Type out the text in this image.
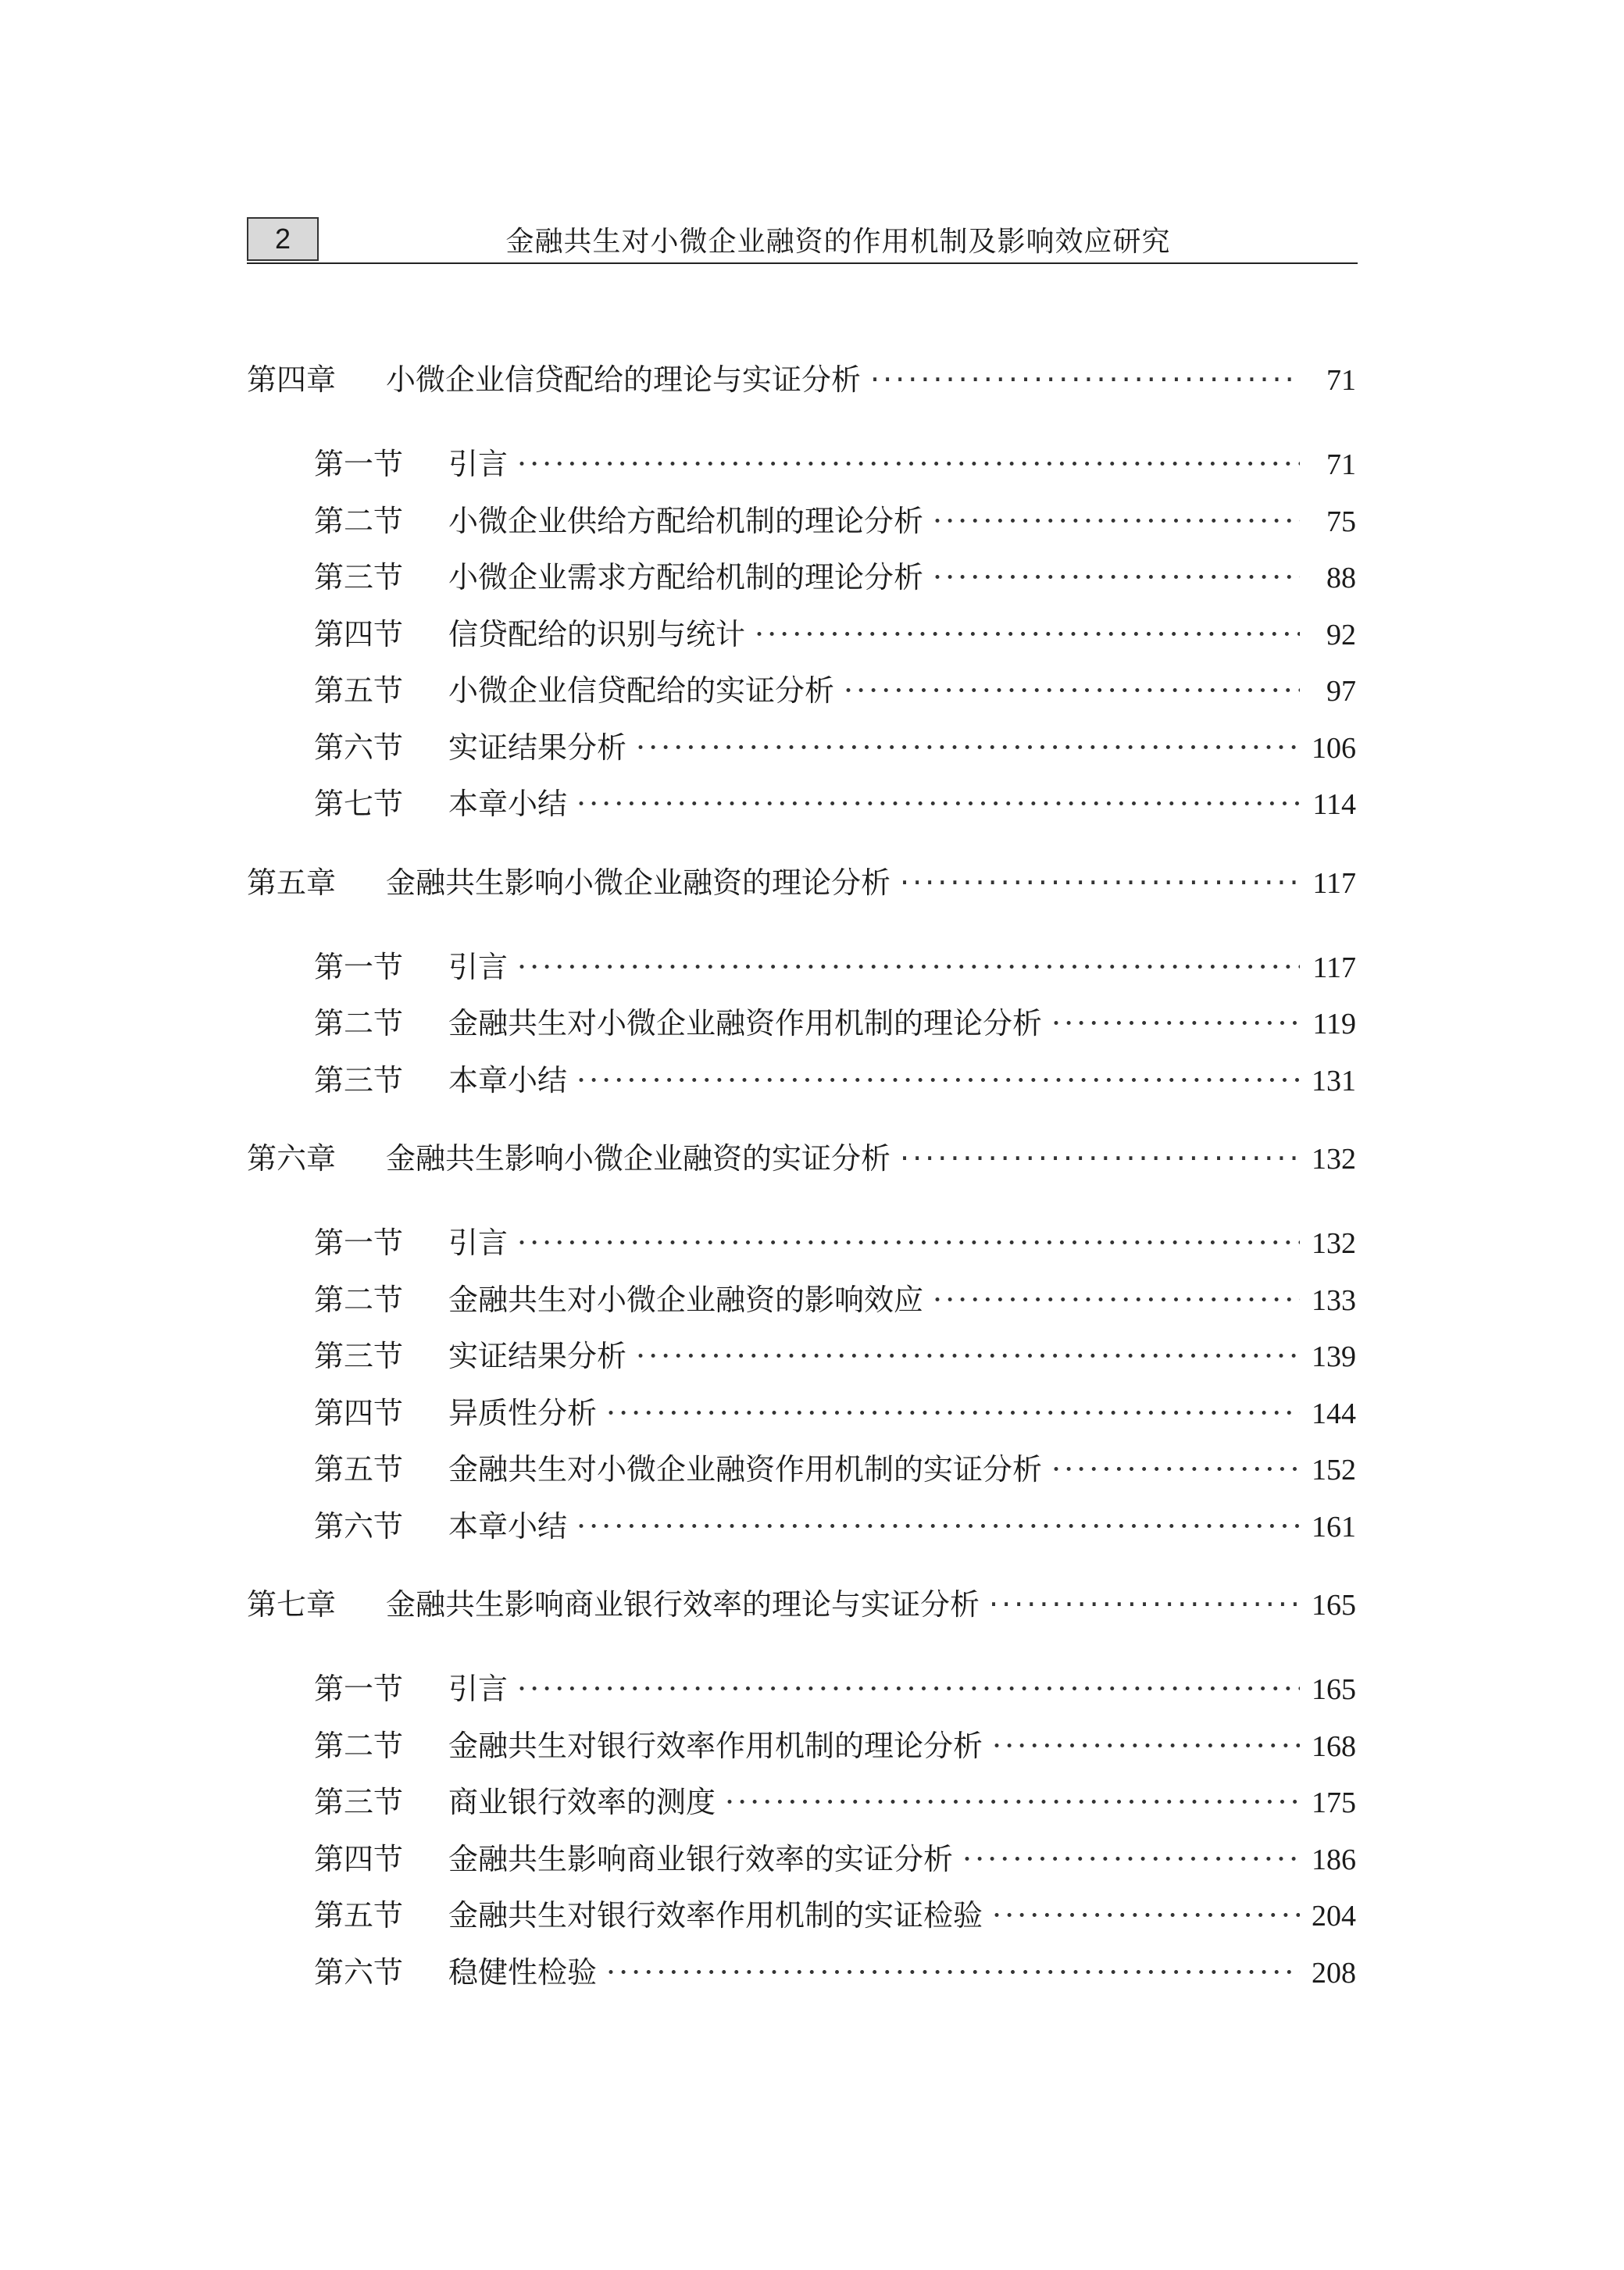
2	金融共生对小微企业融资的作用机制及影响效应研究
第四章	小微企业信贷配给的理论与实证分析 ·····	71
第一节	引言 ·····	71
第二节	小微企业供给方配给机制的理论分析 ·····	75
第三节	小微企业需求方配给机制的理论分析 ·····	88
第四节	信贷配给的识别与统计 ·····	92
第五节	小微企业信贷配给的实证分析 ·····	97
第六节	实证结果分析 ·····	106
第七节	本章小结 ·····	114
第五章	金融共生影响小微企业融资的理论分析 ·····	117
第一节	引言 ·····	117
第二节	金融共生对小微企业融资作用机制的理论分析 ·····	119
第三节	本章小结 ·····	131
第六章	金融共生影响小微企业融资的实证分析 ·····	132
第一节	引言 ·····	132
第二节	金融共生对小微企业融资的影响效应 ·····	133
第三节	实证结果分析 ·····	139
第四节	异质性分析 ·····	144
第五节	金融共生对小微企业融资作用机制的实证分析 ·····	152
第六节	本章小结 ·····	161
第七章	金融共生影响商业银行效率的理论与实证分析 ·····	165
第一节	引言 ·····	165
第二节	金融共生对银行效率作用机制的理论分析 ·····	168
第三节	商业银行效率的测度 ·····	175
第四节	金融共生影响商业银行效率的实证分析 ·····	186
第五节	金融共生对银行效率作用机制的实证检验 ·····	204
第六节	稳健性检验 ·····	208
